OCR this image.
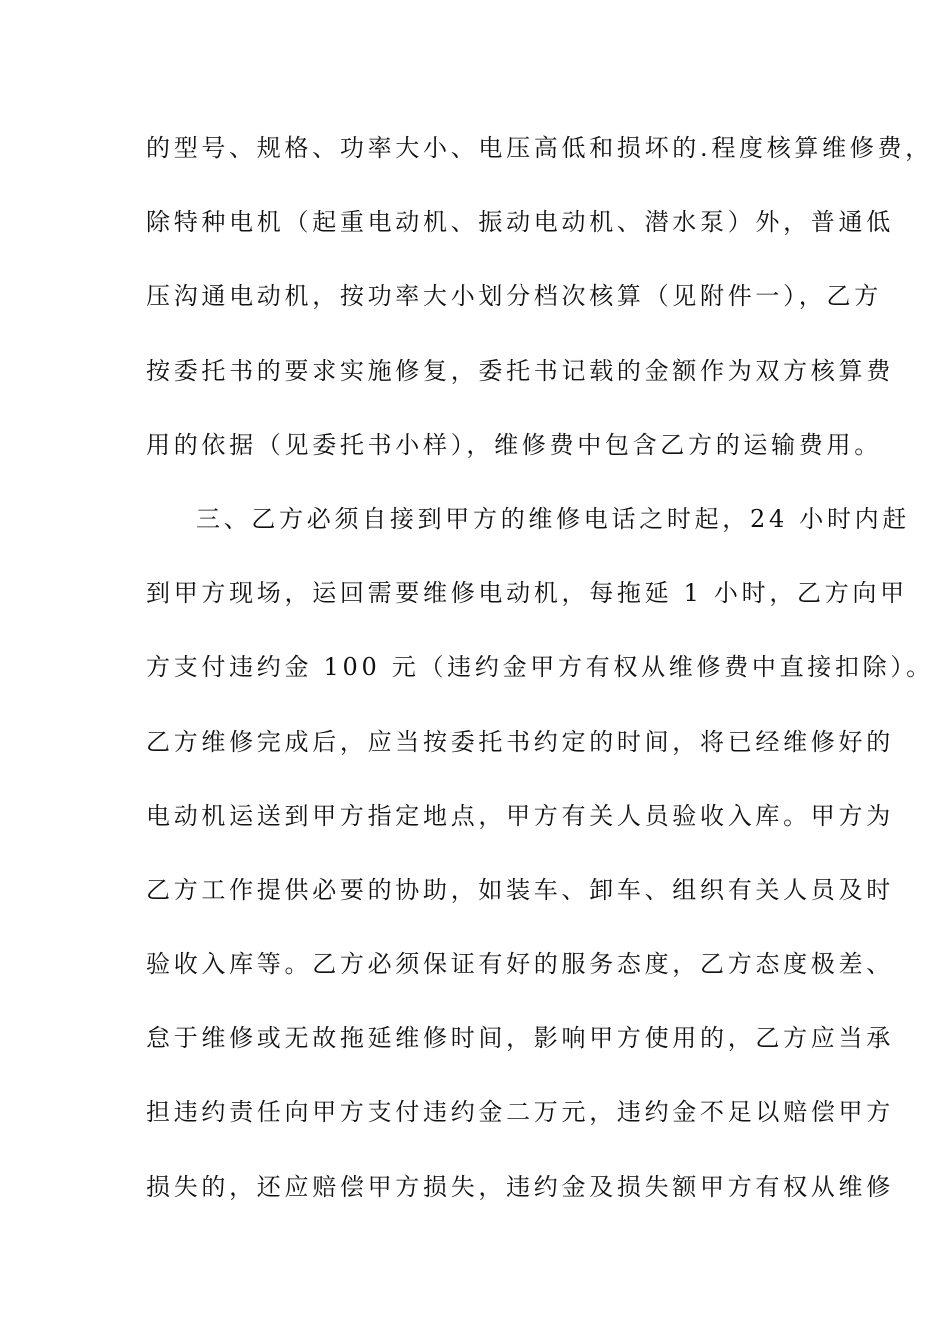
的型号、规格、功率大小、电压高低和损坏的.程度核算维修费，
除特种电机（起重电动机、振动电动机、潜水泵）外，普通低
压沟通电动机，按功率大小划分档次核算（见附件一），乙方
按委托书的要求实施修复，委托书记载的金额作为双方核算费
用的依据（见委托书小样），维修费中包含乙方的运输费用。
三、乙方必须自接到甲方的维修电话之时起，24 小时内赶
到甲方现场，运回需要维修电动机，每拖延 1 小时，乙方向甲
方支付违约金 100 元（违约金甲方有权从维修费中直接扣除）。
乙方维修完成后，应当按委托书约定的时间，将已经维修好的
电动机运送到甲方指定地点，甲方有关人员验收入库。甲方为
乙方工作提供必要的协助，如装车、卸车、组织有关人员及时
验收入库等。乙方必须保证有好的服务态度，乙方态度极差、
怠于维修或无故拖延维修时间，影响甲方使用的，乙方应当承
担违约责任向甲方支付违约金二万元，违约金不足以赔偿甲方
损失的，还应赔偿甲方损失，违约金及损失额甲方有权从维修
